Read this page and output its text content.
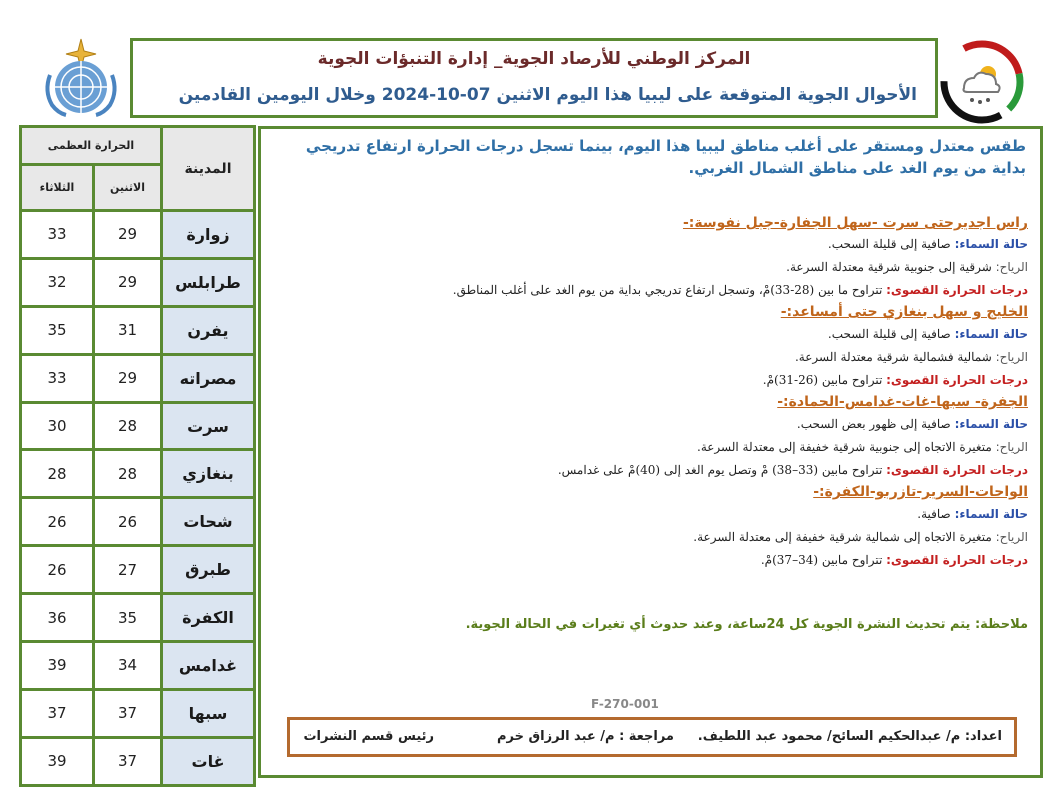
المركز الوطني للأرصاد الجوية_ إدارة التنبؤات الجوية
الأحوال الجوية المتوقعة على ليبيا هذا اليوم الاثنين 07-10-2024 وخلال اليومين القادمين
الحرارة العظمى		المدينة
الثلاثاء	الاثنين	
33	29	زوارة
32	29	طرابلس
35	31	يفرن
33	29	مصراته
30	28	سرت
28	28	بنغازي
26	26	شحات
26	27	طبرق
36	35	الكفرة
39	34	غدامس
37	37	سبها
39	37	غات
طقس معتدل ومستقر على أغلب مناطق ليبيا هذا اليوم، بينما تسجل درجات الحرارة ارتفاع تدريجي بداية من يوم الغد على مناطق الشمال الغربي.
راس اجديرحتى سرت -سهل الجفارة-جبل نفوسة:-
حالة السماء: صافية إلى قليلة السحب.
الرياح: شرقية إلى جنوبية شرقية معتدلة السرعة.
درجات الحرارة القصوى: تتراوح ما بين (28-33)مْ، وتسجل ارتفاع تدريجي بداية من يوم الغد على أغلب المناطق.
الخليج و سهل بنغازي حتى أمساعد:-
حالة السماء: صافية إلى قليلة السحب.
الرياح: شمالية فشمالية شرقية معتدلة السرعة.
درجات الحرارة القصوى: تتراوح مابين (26-31)مْ.
الجفرة- سبها-غات-غدامس-الحمادة:-
حالة السماء: صافية إلى ظهور بعض السحب.
الرياح: متغيرة الاتجاه إلى جنوبية شرقية خفيفة إلى معتدلة السرعة.
درجات الحرارة القصوى: تتراوح مابين (33–38) مْ وتصل يوم الغد إلى (40)مْ على غدامس.
الواحات-السرير-تازربو-الكفرة:-
حالة السماء: صافية.
الرياح: متغيرة الاتجاه إلى شمالية شرقية خفيفة إلى معتدلة السرعة.
درجات الحرارة القصوى: تتراوح مابين (34–37)مْ.
ملاحظة: يتم تحديث النشرة الجوية كل 24ساعة، وعند حدوث أي تغيرات في الحالة الجوية.
F-270-001
اعداد: م/ عبدالحكيم السائح/ محمود عبد اللطيف.
مراجعة : م/ عبد الرزاق خرم
رئيس قسم النشرات
